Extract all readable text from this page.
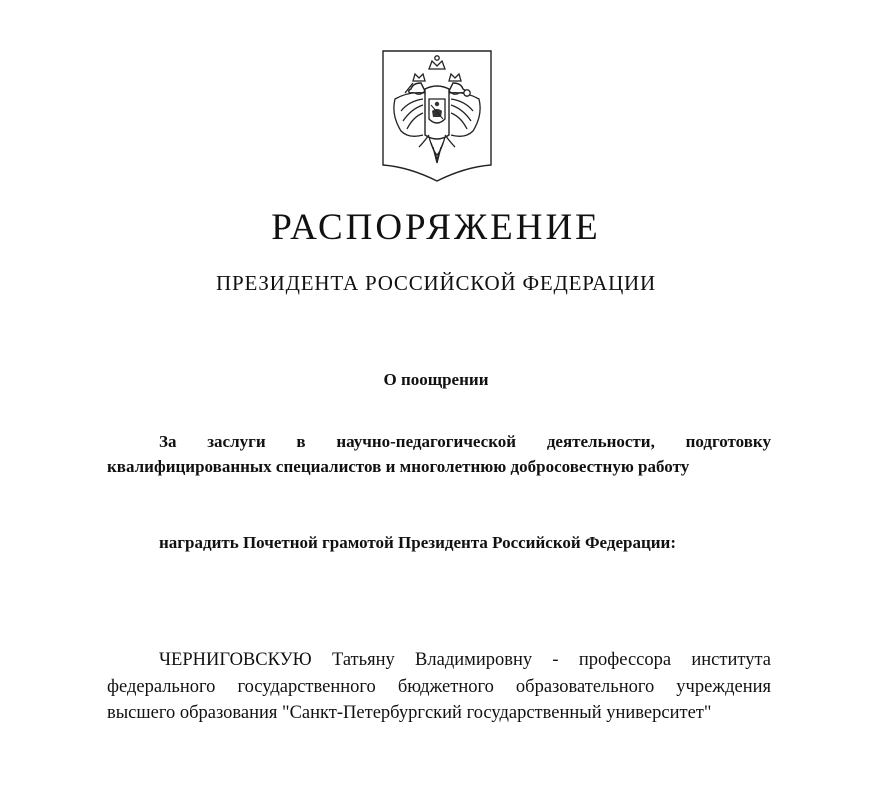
РАСПОРЯЖЕНИЕ
ПРЕЗИДЕНТА РОССИЙСКОЙ ФЕДЕРАЦИИ

О поощрении

За заслуги в научно-педагогической деятельности, подготовку квалифицированных специалистов и многолетнюю добросовестную работу

наградить Почетной грамотой Президента Российской Федерации:

ЧЕРНИГОВСКУЮ Татьяну Владимировну - профессора института федерального государственного бюджетного образовательного учреждения высшего образования "Санкт-Петербургский государственный университет"
